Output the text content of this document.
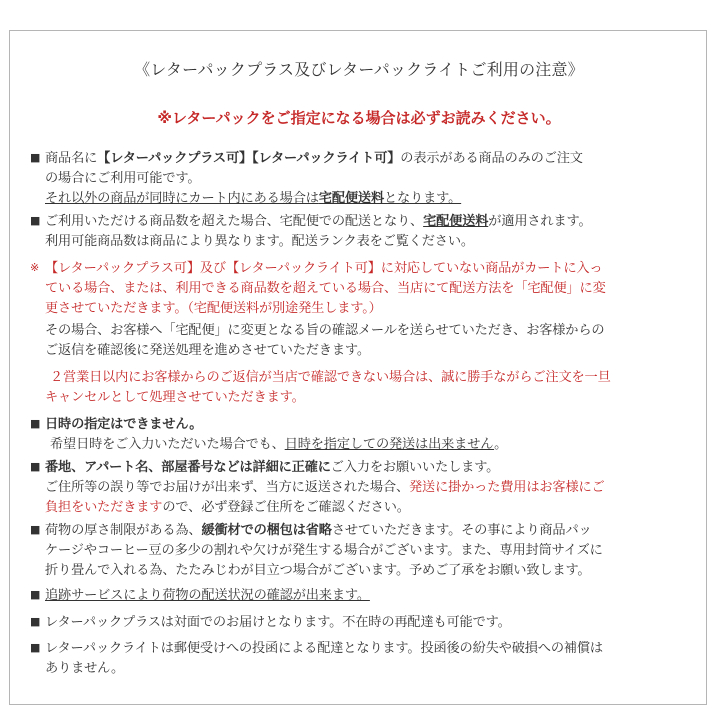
《レターパックプラス及びレターパックライトご利用の注意》
※レターパックをご指定になる場合は必ずお読みください。
■ 商品名に【レターパックプラス可】【レターパックライト可】の表示がある商品のみのご注文
の場合にご利用可能です。
それ以外の商品が同時にカート内にある場合は宅配便送料となります。
■ ご利用いただける商品数を超えた場合、宅配便での配送となり、宅配便送料が適用されます。
利用可能商品数は商品により異なります。配送ランク表をご覧ください。
※ 【レターパックプラス可】及び【レターパックライト可】に対応していない商品がカートに入っ
ている場合、または、利用できる商品数を超えている場合、当店にて配送方法を「宅配便」に変
更させていただきます。（宅配便送料が別途発生します。）
その場合、お客様へ「宅配便」に変更となる旨の確認メールを送らせていただき、お客様からの
ご返信を確認後に発送処理を進めさせていただきます。
２営業日以内にお客様からのご返信が当店で確認できない場合は、誠に勝手ながらご注文を一旦
キャンセルとして処理させていただきます。
■ 日時の指定はできません。
希望日時をご入力いただいた場合でも、日時を指定しての発送は出来ません。
■ 番地、アパート名、部屋番号などは詳細に正確にご入力をお願いいたします。
ご住所等の誤り等でお届けが出来ず、当方に返送された場合、発送に掛かった費用はお客様にご
負担をいただきますので、必ず登録ご住所をご確認ください。
■ 荷物の厚さ制限がある為、緩衝材での梱包は省略させていただきます。その事により商品パッ
ケージやコーヒー豆の多少の割れや欠けが発生する場合がございます。また、専用封筒サイズに
折り畳んで入れる為、たたみじわが目立つ場合がございます。予めご了承をお願い致します。
■ 追跡サービスにより荷物の配送状況の確認が出来ます。
■ レターパックプラスは対面でのお届けとなります。不在時の再配達も可能です。
■ レターパックライトは郵便受けへの投函による配達となります。投函後の紛失や破損への補償は
ありません。
